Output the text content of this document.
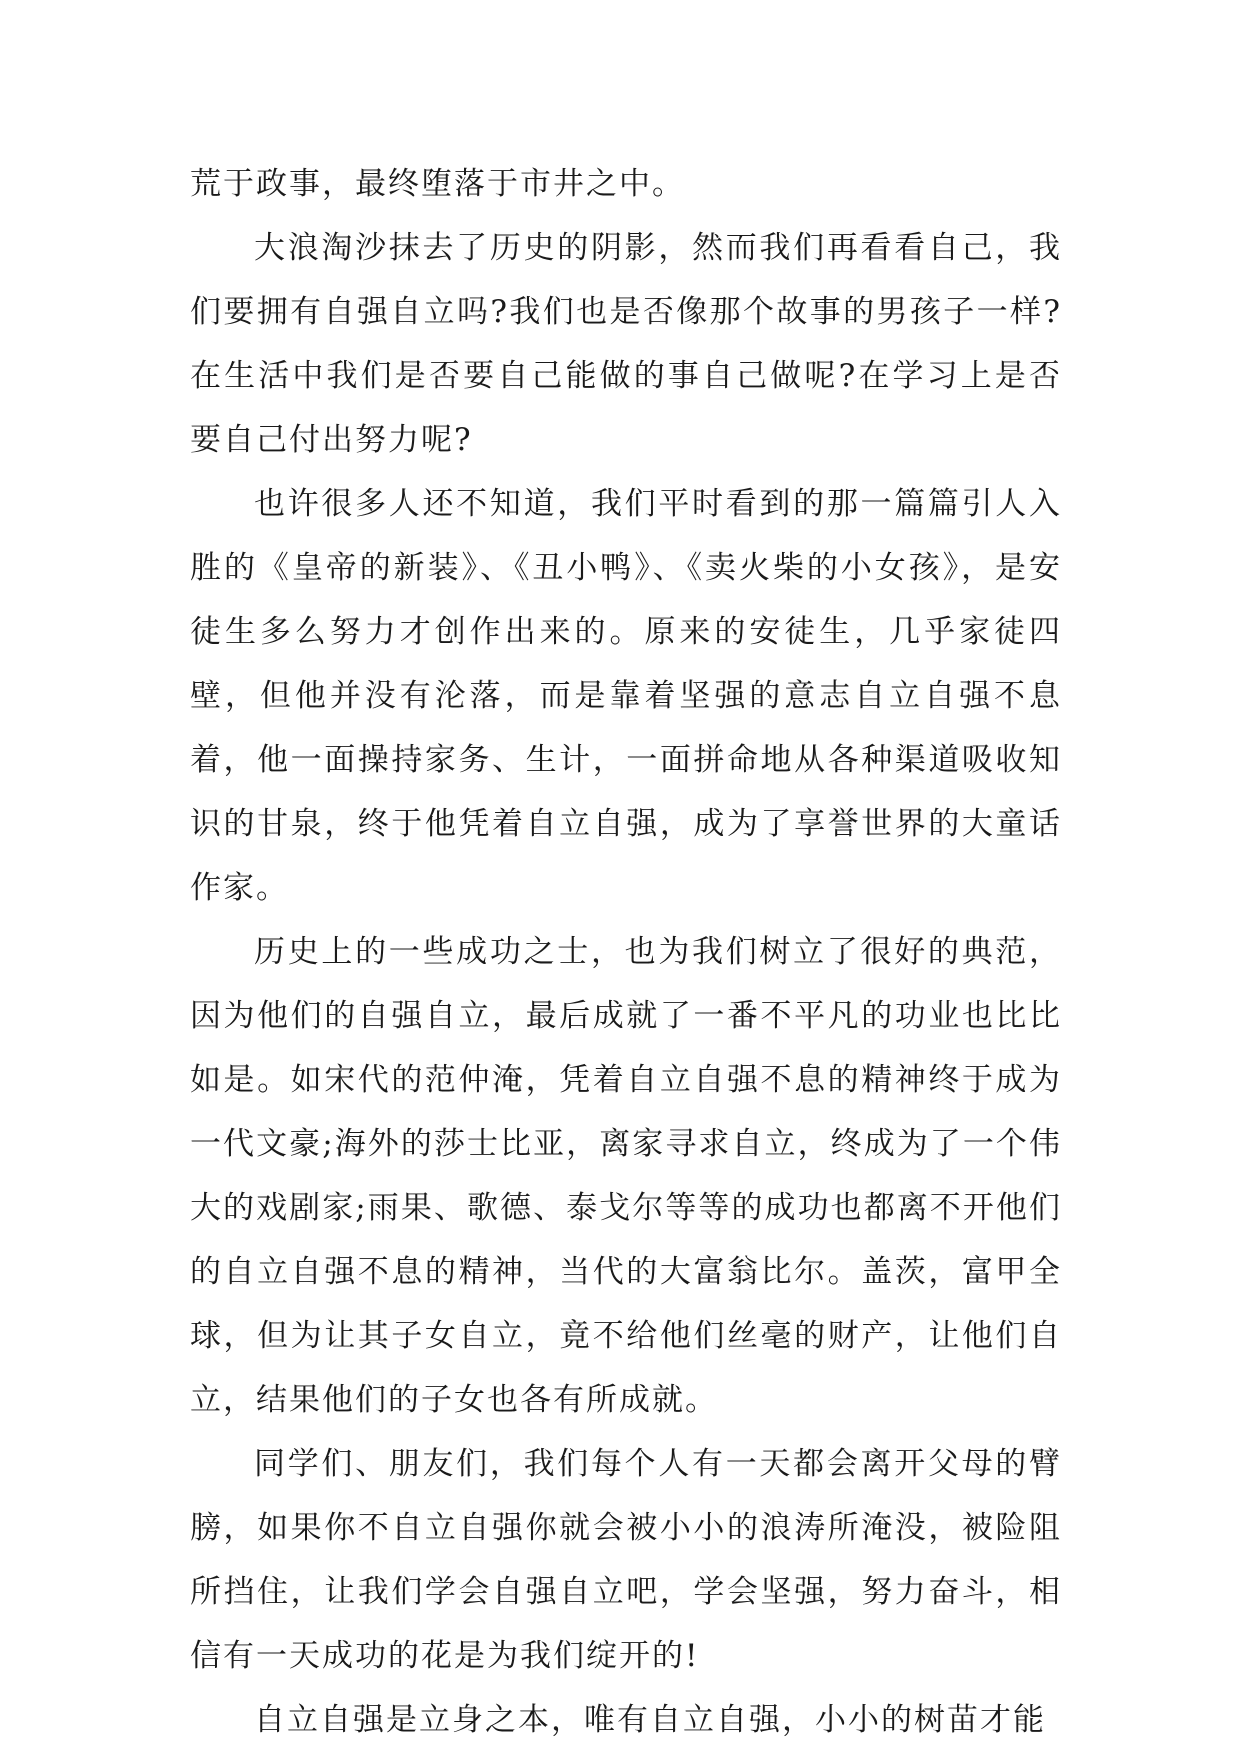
荒于政事，最终堕落于市井之中。

大浪淘沙抹去了历史的阴影，然而我们再看看自己，我们要拥有自强自立吗?我们也是否像那个故事的男孩子一样?在生活中我们是否要自己能做的事自己做呢?在学习上是否要自己付出努力呢?

也许很多人还不知道，我们平时看到的那一篇篇引人入胜的《皇帝的新装》、《丑小鸭》、《卖火柴的小女孩》，是安徒生多么努力才创作出来的。原来的安徒生，几乎家徒四壁，但他并没有沦落，而是靠着坚强的意志自立自强不息着，他一面操持家务、生计，一面拼命地从各种渠道吸收知识的甘泉，终于他凭着自立自强，成为了享誉世界的大童话作家。

历史上的一些成功之士，也为我们树立了很好的典范，因为他们的自强自立，最后成就了一番不平凡的功业也比比如是。如宋代的范仲淹，凭着自立自强不息的精神终于成为一代文豪;海外的莎士比亚，离家寻求自立，终成为了一个伟大的戏剧家;雨果、歌德、泰戈尔等等的成功也都离不开他们的自立自强不息的精神，当代的大富翁比尔。盖茨，富甲全球，但为让其子女自立，竟不给他们丝毫的财产，让他们自立，结果他们的子女也各有所成就。

同学们、朋友们，我们每个人有一天都会离开父母的臂膀，如果你不自立自强你就会被小小的浪涛所淹没，被险阻所挡住，让我们学会自强自立吧，学会坚强，努力奋斗，相信有一天成功的花是为我们绽开的!

自立自强是立身之本，唯有自立自强，小小的树苗才能
